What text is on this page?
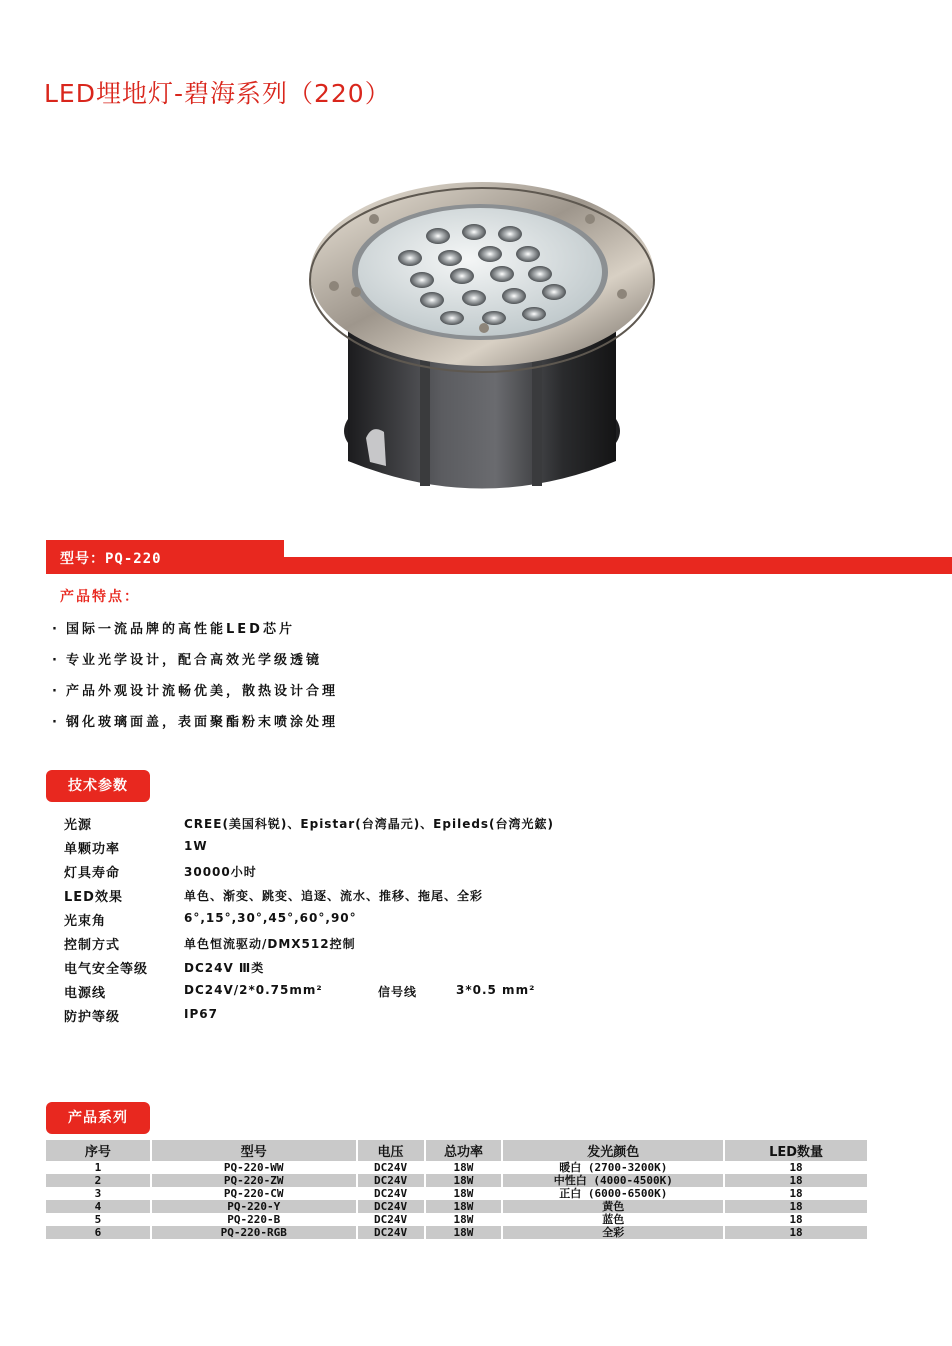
LED埋地灯-碧海系列（220）
型号：PQ-220
产品特点：
· 国际一流品牌的高性能LED芯片
· 专业光学设计，配合高效光学级透镜
· 产品外观设计流畅优美，散热设计合理
· 钢化玻璃面盖，表面聚酯粉末喷涂处理
技术参数
光源	CREE(美国科锐)、Epistar(台湾晶元)、Epileds(台湾光鋐)
单颗功率	1W
灯具寿命	30000小时
LED效果	单色、渐变、跳变、追逐、流水、推移、拖尾、全彩
光束角	6°,15°,30°,45°,60°,90°
控制方式	单色恒流驱动/DMX512控制
电气安全等级	DC24V Ⅲ类
电源线	DC24V/2*0.75mm²	信号线	3*0.5 mm²
防护等级	IP67
产品系列
序号	型号	电压	总功率	发光颜色	LED数量
1	PQ-220-WW	DC24V	18W	暖白 (2700-3200K)	18
2	PQ-220-ZW	DC24V	18W	中性白 (4000-4500K)	18
3	PQ-220-CW	DC24V	18W	正白 (6000-6500K)	18
4	PQ-220-Y	DC24V	18W	黄色	18
5	PQ-220-B	DC24V	18W	蓝色	18
6	PQ-220-RGB	DC24V	18W	全彩	18
